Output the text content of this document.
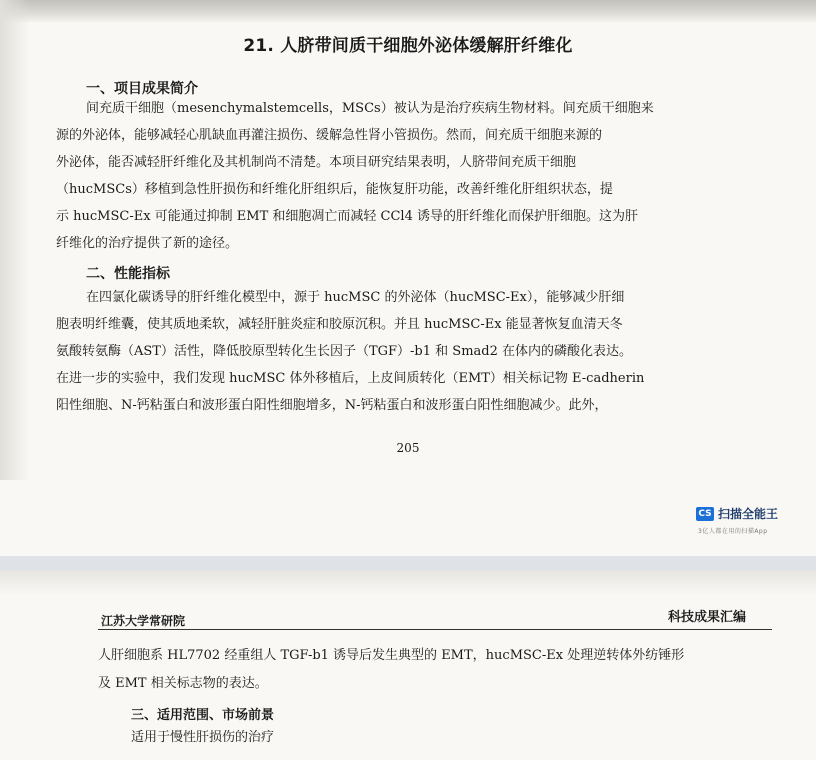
21. 人脐带间质干细胞外泌体缓解肝纤维化
一、项目成果简介
间充质干细胞（mesenchymalstemcells，MSCs）被认为是治疗疾病生物材料。间充质干细胞来
源的外泌体，能够减轻心肌缺血再灌注损伤、缓解急性肾小管损伤。然而，间充质干细胞来源的
外泌体，能否减轻肝纤维化及其机制尚不清楚。本项目研究结果表明，人脐带间充质干细胞
（hucMSCs）移植到急性肝损伤和纤维化肝组织后，能恢复肝功能，改善纤维化肝组织状态，提
示 hucMSC-Ex 可能通过抑制 EMT 和细胞凋亡而减轻 CCl4 诱导的肝纤维化而保护肝细胞。这为肝
纤维化的治疗提供了新的途径。
二、性能指标
在四氯化碳诱导的肝纤维化模型中，源于 hucMSC 的外泌体（hucMSC-Ex），能够减少肝细
胞表明纤维囊，使其质地柔软，减轻肝脏炎症和胶原沉积。并且 hucMSC-Ex 能显著恢复血清天冬
氨酸转氨酶（AST）活性，降低胶原型转化生长因子（TGF）-b1 和 Smad2 在体内的磷酸化表达。
在进一步的实验中，我们发现 hucMSC 体外移植后，上皮间质转化（EMT）相关标记物 E-cadherin
阳性细胞、N-钙粘蛋白和波形蛋白阳性细胞增多，N-钙粘蛋白和波形蛋白阳性细胞减少。此外，
205
CS 扫描全能王
3亿人都在用的扫描App
江苏大学常研院	科技成果汇编
人肝细胞系 HL7702 经重组人 TGF-b1 诱导后发生典型的 EMT，hucMSC-Ex 处理逆转体外纺锤形
及 EMT 相关标志物的表达。
三、适用范围、市场前景
适用于慢性肝损伤的治疗
